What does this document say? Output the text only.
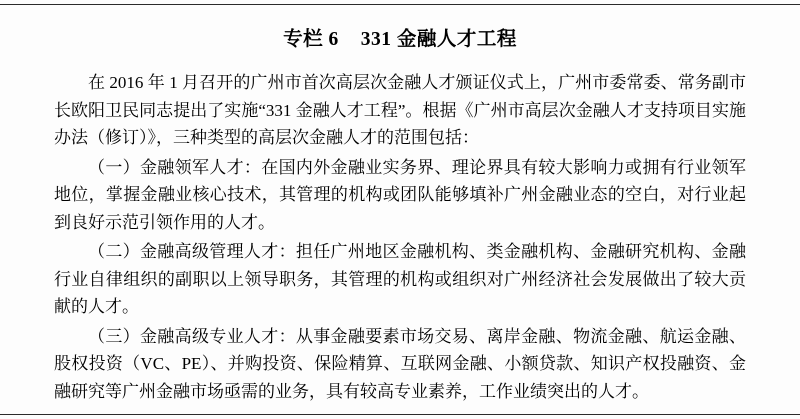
专栏 6 331 金融人才工程

在 2016 年 1 月召开的广州市首次高层次金融人才颁证仪式上，广州市委常委、常务副市长欧阳卫民同志提出了实施“331 金融人才工程”。根据《广州市高层次金融人才支持项目实施办法（修订）》，三种类型的高层次金融人才的范围包括：

（一）金融领军人才：在国内外金融业实务界、理论界具有较大影响力或拥有行业领军地位，掌握金融业核心技术，其管理的机构或团队能够填补广州金融业态的空白，对行业起到良好示范引领作用的人才。

（二）金融高级管理人才：担任广州地区金融机构、类金融机构、金融研究机构、金融行业自律组织的副职以上领导职务，其管理的机构或组织对广州经济社会发展做出了较大贡献的人才。

（三）金融高级专业人才：从事金融要素市场交易、离岸金融、物流金融、航运金融、股权投资（VC、PE）、并购投资、保险精算、互联网金融、小额贷款、知识产权投融资、金融研究等广州金融市场亟需的业务，具有较高专业素养，工作业绩突出的人才。
